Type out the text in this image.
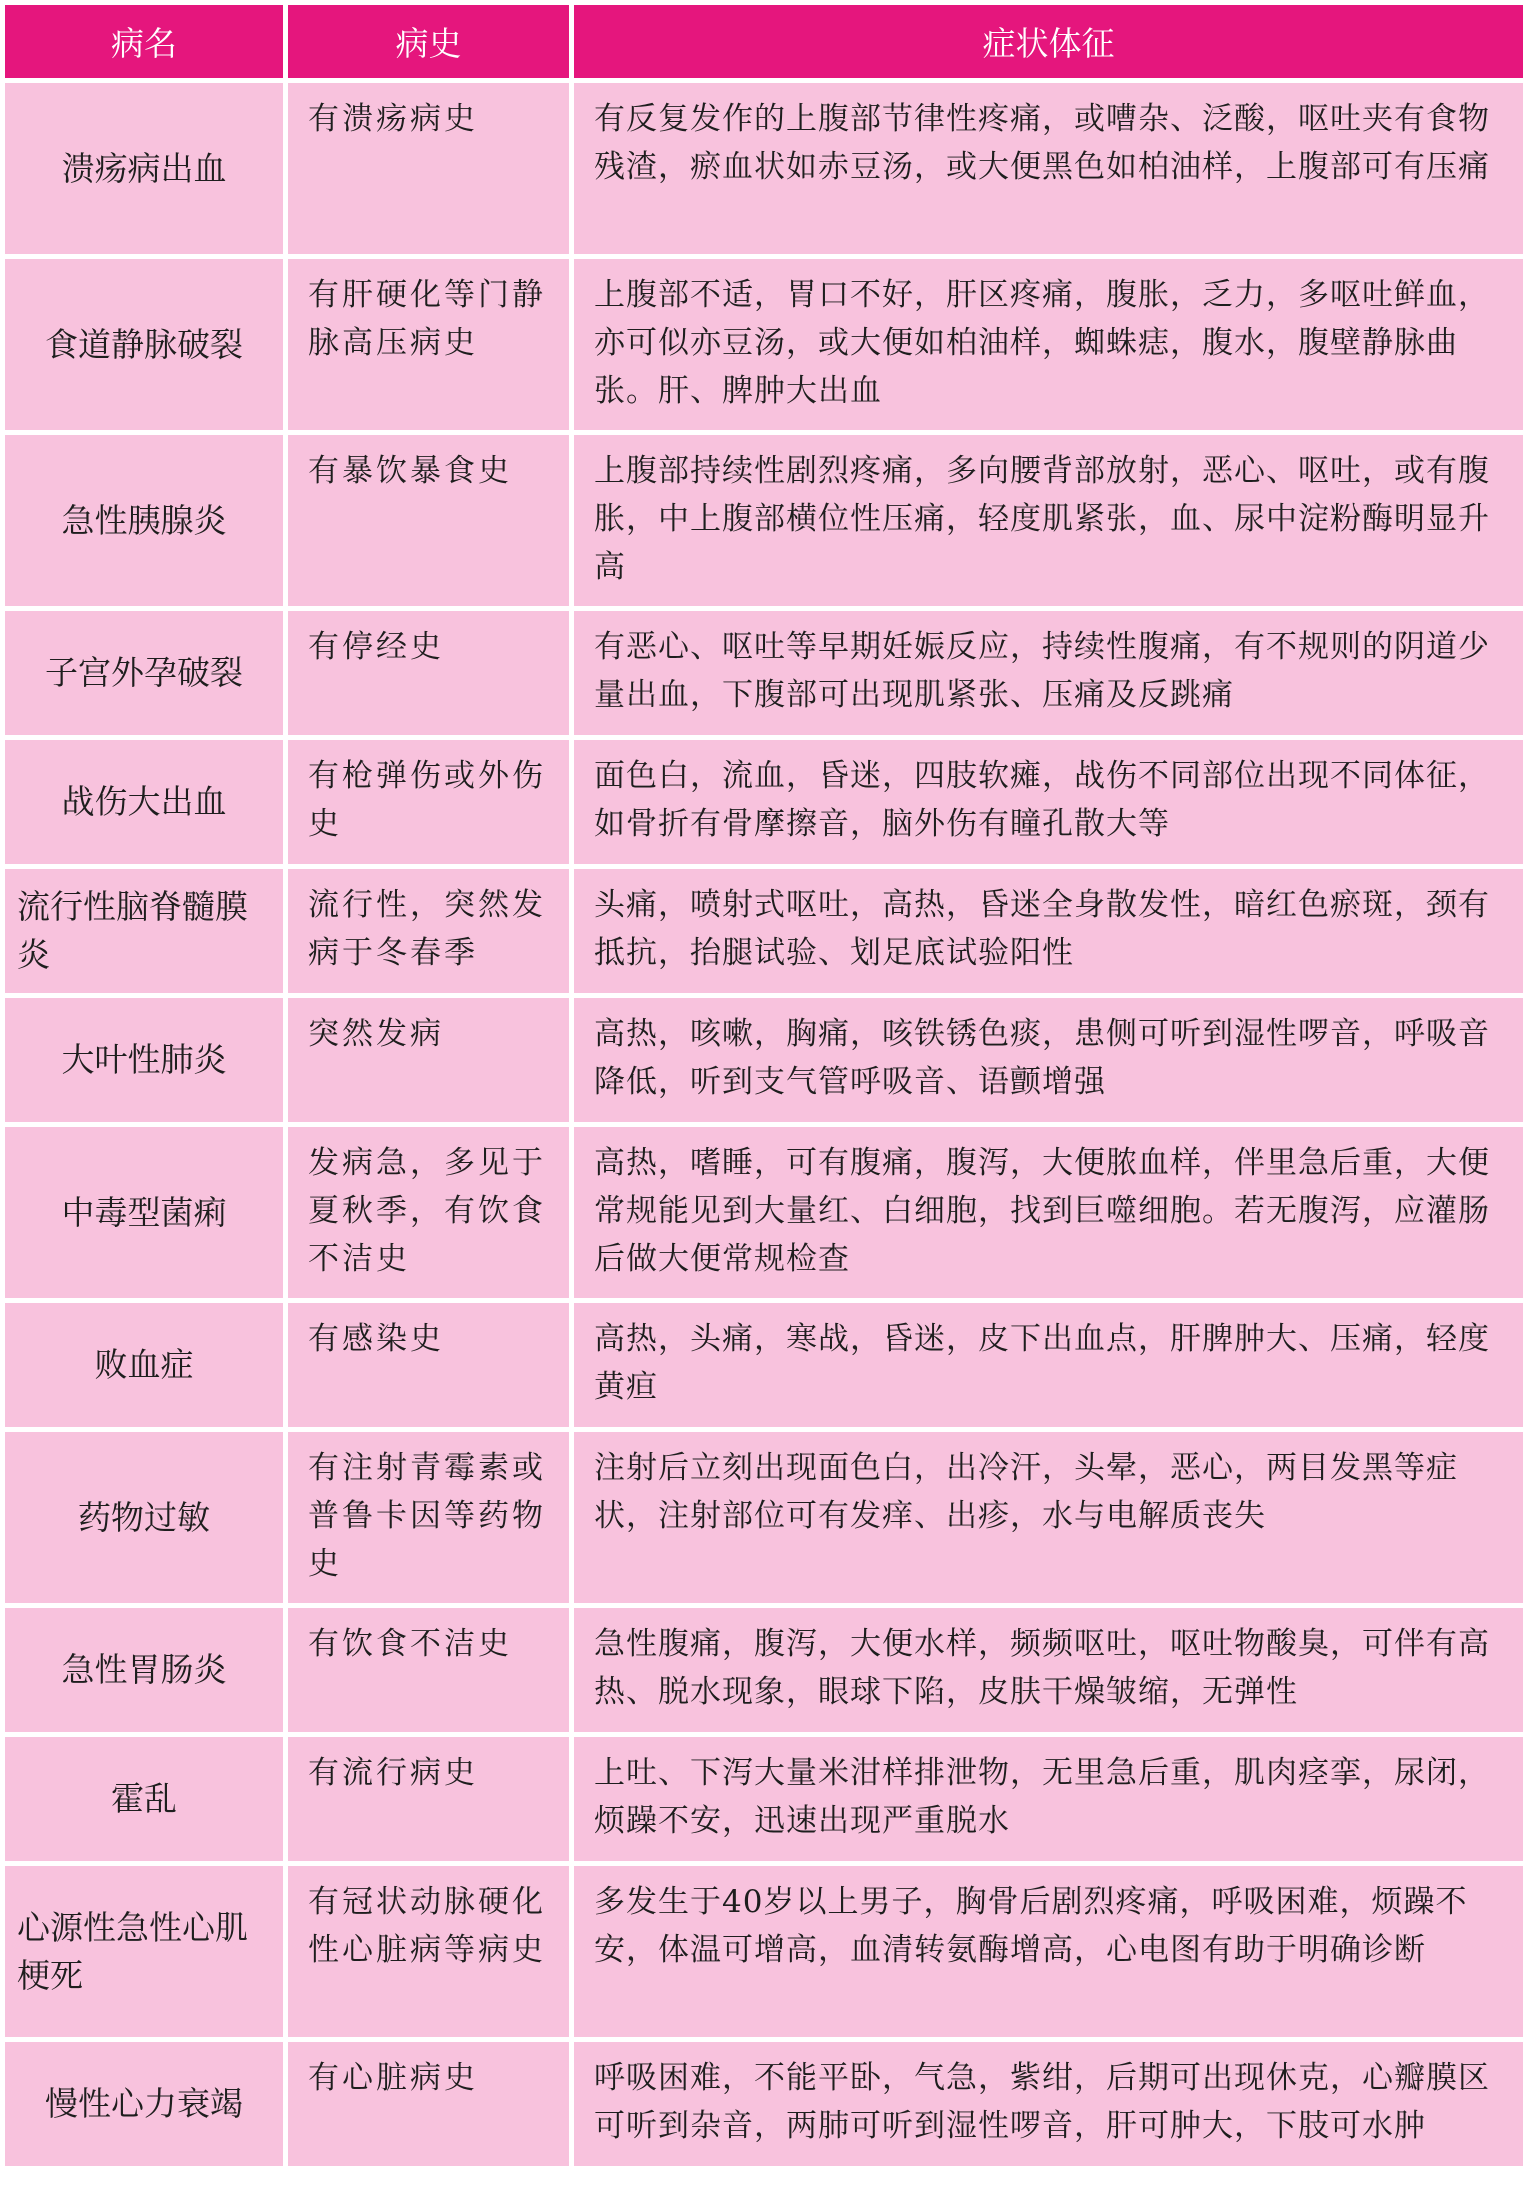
病名	病史	症状体征
溃疡病出血	有溃疡病史	有反复发作的上腹部节律性疼痛，或嘈杂、泛酸，呕吐夹有食物残渣，瘀血状如赤豆汤，或大便黑色如柏油样，上腹部可有压痛
食道静脉破裂	有肝硬化等门静脉高压病史	上腹部不适，胃口不好，肝区疼痛，腹胀，乏力，多呕吐鲜血，亦可似亦豆汤，或大便如柏油样，蜘蛛痣，腹水，腹壁静脉曲张。肝、脾肿大出血
急性胰腺炎	有暴饮暴食史	上腹部持续性剧烈疼痛，多向腰背部放射，恶心、呕吐，或有腹胀，中上腹部横位性压痛，轻度肌紧张，血、尿中淀粉酶明显升高
子宫外孕破裂	有停经史	有恶心、呕吐等早期妊娠反应，持续性腹痛，有不规则的阴道少量出血，下腹部可出现肌紧张、压痛及反跳痛
战伤大出血	有枪弹伤或外伤史	面色白，流血，昏迷，四肢软瘫，战伤不同部位出现不同体征，如骨折有骨摩擦音，脑外伤有瞳孔散大等
流行性脑脊髓膜炎	流行性，突然发病于冬春季	头痛，喷射式呕吐，高热，昏迷全身散发性，暗红色瘀斑，颈有抵抗，抬腿试验、划足底试验阳性
大叶性肺炎	突然发病	高热，咳嗽，胸痛，咳铁锈色痰，患侧可听到湿性啰音，呼吸音降低，听到支气管呼吸音、语颤增强
中毒型菌痢	发病急，多见于夏秋季，有饮食不洁史	高热，嗜睡，可有腹痛，腹泻，大便脓血样，伴里急后重，大便常规能见到大量红、白细胞，找到巨噬细胞。若无腹泻，应灌肠后做大便常规检查
败血症	有感染史	高热，头痛，寒战，昏迷，皮下出血点，肝脾肿大、压痛，轻度黄疸
药物过敏	有注射青霉素或普鲁卡因等药物史	注射后立刻出现面色白，出冷汗，头晕，恶心，两目发黑等症状，注射部位可有发痒、出疹，水与电解质丧失
急性胃肠炎	有饮食不洁史	急性腹痛，腹泻，大便水样，频频呕吐，呕吐物酸臭，可伴有高热、脱水现象，眼球下陷，皮肤干燥皱缩，无弹性
霍乱	有流行病史	上吐、下泻大量米泔样排泄物，无里急后重，肌肉痉挛，尿闭，烦躁不安，迅速出现严重脱水
心源性急性心肌梗死	有冠状动脉硬化性心脏病等病史	多发生于40岁以上男子，胸骨后剧烈疼痛，呼吸困难，烦躁不安，体温可增高，血清转氨酶增高，心电图有助于明确诊断
慢性心力衰竭	有心脏病史	呼吸困难，不能平卧，气急，紫绀，后期可出现休克，心瓣膜区可听到杂音，两肺可听到湿性啰音，肝可肿大，下肢可水肿
